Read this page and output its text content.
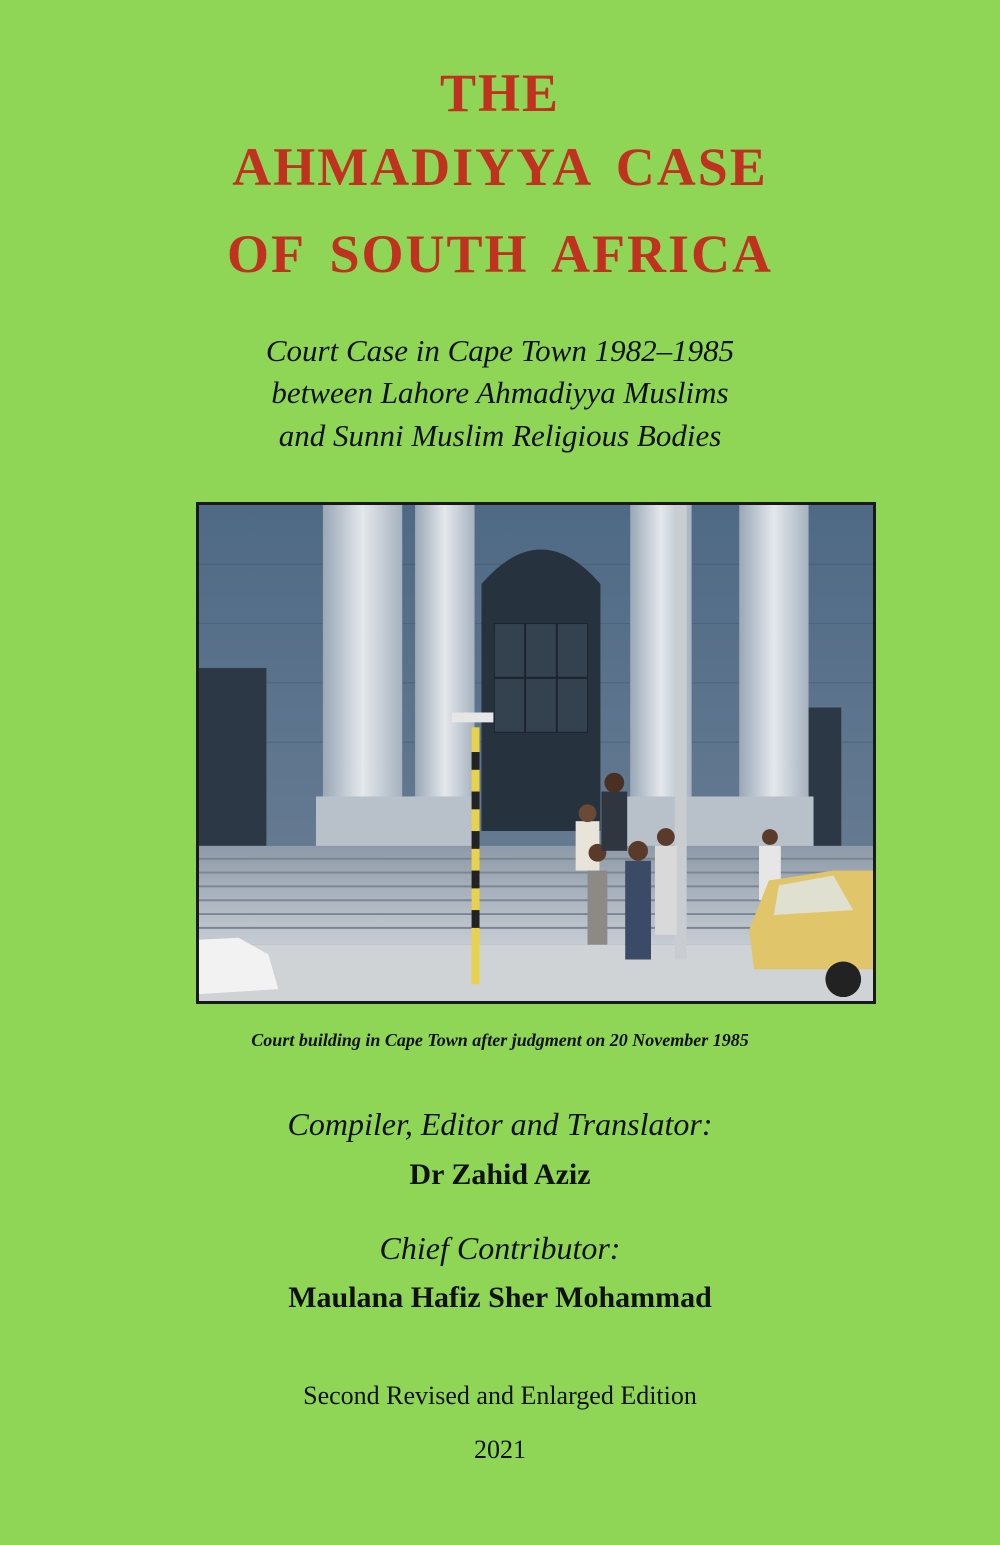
THE
AHMADIYYA CASE
OF SOUTH AFRICA
Court Case in Cape Town 1982–1985
between Lahore Ahmadiyya Muslims
and Sunni Muslim Religious Bodies
Court building in Cape Town after judgment on 20 November 1985
Compiler, Editor and Translator:
Dr Zahid Aziz
Chief Contributor:
Maulana Hafiz Sher Mohammad
Second Revised and Enlarged Edition
2021
